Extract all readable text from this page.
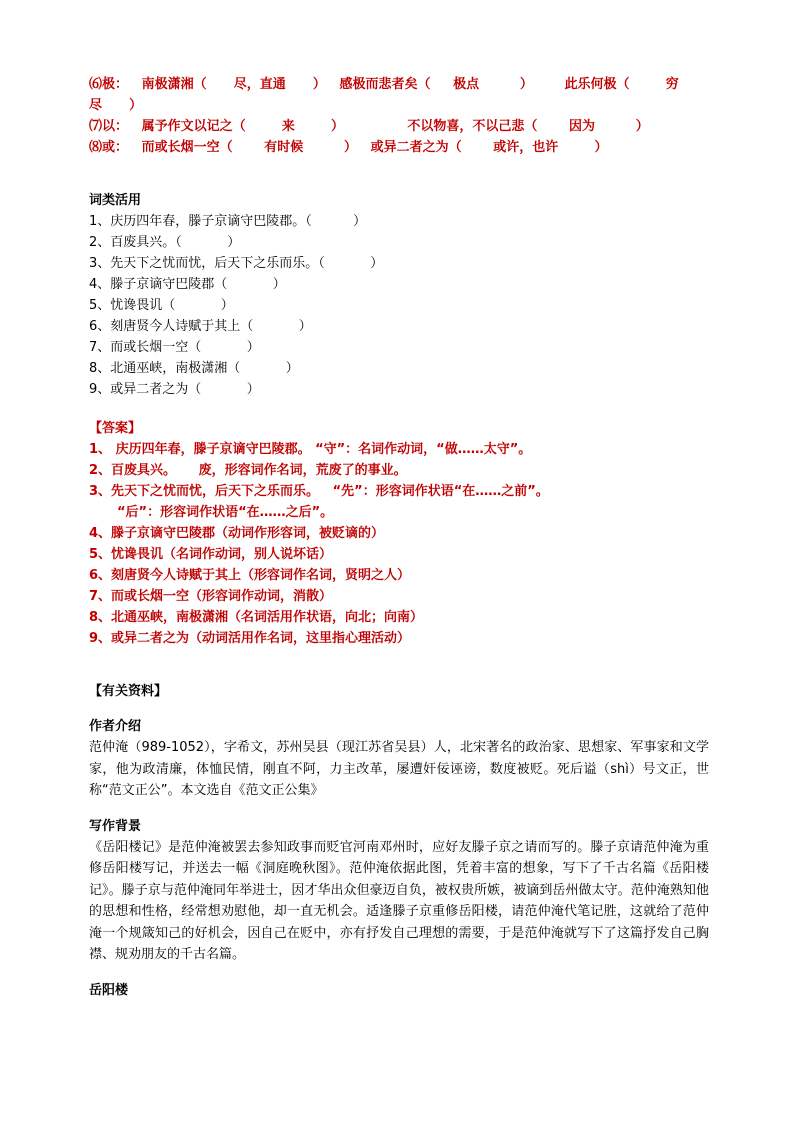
⑹极：   南极潇湘（      尽，直通      ）   感极而悲者矣（     极点         ）       此乐何极（        穷
尽      ）
⑺以：   属予作文以记之（        来        ）              不以物喜，不以己悲（       因为         ）
⑻或：   而或长烟一空（       有时候         ）   或异二者之为（       或许，也许        ）
词类活用
1、庆历四年春，滕子京谪守巴陵郡。（          ）
2、百废具兴。（           ）
3、先天下之忧而忧，后天下之乐而乐。（           ）
4、滕子京谪守巴陵郡（           ）
5、忧谗畏讥（           ）
6、刻唐贤今人诗赋于其上（           ）
7、而或长烟一空（           ）
8、北通巫峡，南极潇湘（           ）
9、或异二者之为（           ）
【答案】
1、 庆历四年春，滕子京谪守巴陵郡。 “守”：名词作动词，“做……太守”。
2、百废具兴。     废，形容词作名词，荒废了的事业。
3、先天下之忧而忧，后天下之乐而乐。   “先”：形容词作状语“在……之前”。
“后”：形容词作状语“在……之后”。
4、滕子京谪守巴陵郡（动词作形容词，被贬谪的）
5、忧谗畏讥（名词作动词，别人说坏话）
6、刻唐贤今人诗赋于其上（形容词作名词，贤明之人）
7、而或长烟一空（形容词作动词，消散）
8、北通巫峡，南极潇湘（名词活用作状语，向北；向南）
9、或异二者之为（动词活用作名词，这里指心理活动）
【有关资料】
作者介绍
范仲淹（989-1052），字希文，苏州吴县（现江苏省吴县）人，北宋著名的政治家、思想家、军事家和文学家，他为政清廉，体恤民情，刚直不阿，力主改革，屡遭奸佞诬谤，数度被贬。死后谥（shì）号文正，世称“范文正公”。本文选自《范文正公集》
写作背景
《岳阳楼记》是范仲淹被罢去参知政事而贬官河南邓州时，应好友滕子京之请而写的。滕子京请范仲淹为重修岳阳楼写记，并送去一幅《洞庭晚秋图》。范仲淹依据此图，凭着丰富的想象，写下了千古名篇《岳阳楼记》。滕子京与范仲淹同年举进士，因才华出众但豪迈自负，被权贵所嫉，被谪到岳州做太守。范仲淹熟知他的思想和性格，经常想劝慰他，却一直无机会。适逢滕子京重修岳阳楼，请范仲淹代笔记胜，这就给了范仲淹一个规箴知己的好机会，因自己在贬中，亦有抒发自己理想的需要，于是范仲淹就写下了这篇抒发自己胸襟、规劝朋友的千古名篇。
岳阳楼
